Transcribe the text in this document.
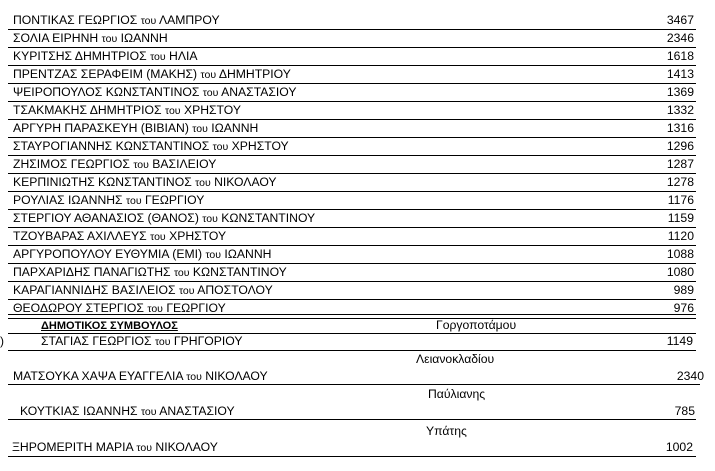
ΠΟΝΤΙΚΑΣ ΓΕΩΡΓΙΟΣ του ΛΑΜΠΡΟΥ	3467
ΣΟΛΙΑ ΕΙΡΗΝΗ του ΙΩΑΝΝΗ	2346
ΚΥΡΙΤΣΗΣ ΔΗΜΗΤΡΙΟΣ του ΗΛΙΑ	1618
ΠΡΕΝΤΖΑΣ ΣΕΡΑΦΕΙΜ (ΜΑΚΗΣ) του ΔΗΜΗΤΡΙΟΥ	1413
ΨΕΙΡΟΠΟΥΛΟΣ ΚΩΝΣΤΑΝΤΙΝΟΣ του ΑΝΑΣΤΑΣΙΟΥ	1369
ΤΣΑΚΜΑΚΗΣ ΔΗΜΗΤΡΙΟΣ του ΧΡΗΣΤΟΥ	1332
ΑΡΓΥΡΗ ΠΑΡΑΣΚΕΥΗ (ΒΙΒΙΑΝ) του ΙΩΑΝΝΗ	1316
ΣΤΑΥΡΟΓΙΑΝΝΗΣ ΚΩΝΣΤΑΝΤΙΝΟΣ του ΧΡΗΣΤΟΥ	1296
ΖΗΣΙΜΟΣ ΓΕΩΡΓΙΟΣ του ΒΑΣΙΛΕΙΟΥ	1287
ΚΕΡΠΙΝΙΩΤΗΣ ΚΩΝΣΤΑΝΤΙΝΟΣ του ΝΙΚΟΛΑΟΥ	1278
ΡΟΥΛΙΑΣ ΙΩΑΝΝΗΣ του ΓΕΩΡΓΙΟΥ	1176
ΣΤΕΡΓΙΟΥ ΑΘΑΝΑΣΙΟΣ (ΘΑΝΟΣ) του ΚΩΝΣΤΑΝΤΙΝΟΥ	1159
ΤΖΟΥΒΑΡΑΣ ΑΧΙΛΛΕΥΣ του ΧΡΗΣΤΟΥ	1120
ΑΡΓΥΡΟΠΟΥΛΟΥ ΕΥΘΥΜΙΑ (ΕΜΙ) του ΙΩΑΝΝΗ	1088
ΠΑΡΧΑΡΙΔΗΣ ΠΑΝΑΓΙΩΤΗΣ του ΚΩΝΣΤΑΝΤΙΝΟΥ	1080
ΚΑΡΑΓΙΑΝΝΙΔΗΣ ΒΑΣΙΛΕΙΟΣ του ΑΠΟΣΤΟΛΟΥ	989
ΘΕΟΔΩΡΟΥ ΣΤΕΡΓΙΟΣ του ΓΕΩΡΓΙΟΥ	976
ΔΗΜΟΤΙΚΟΣ ΣΥΜΒΟΥΛΟΣ	Γοργοποτάμου
)	ΣΤΑΓΙΑΣ ΓΕΩΡΓΙΟΣ του ΓΡΗΓΟΡΙΟΥ	1149
Λειανοκλαδίου
ΜΑΤΣΟΥΚΑ ΧΑΨΑ ΕΥΑΓΓΕΛΙΑ του ΝΙΚΟΛΑΟΥ	2340
Παύλιανης
ΚΟΥΤΚΙΑΣ ΙΩΑΝΝΗΣ του ΑΝΑΣΤΑΣΙΟΥ	785
Υπάτης
ΞΗΡΟΜΕΡΙΤΗ ΜΑΡΙΑ του ΝΙΚΟΛΑΟΥ	1002
